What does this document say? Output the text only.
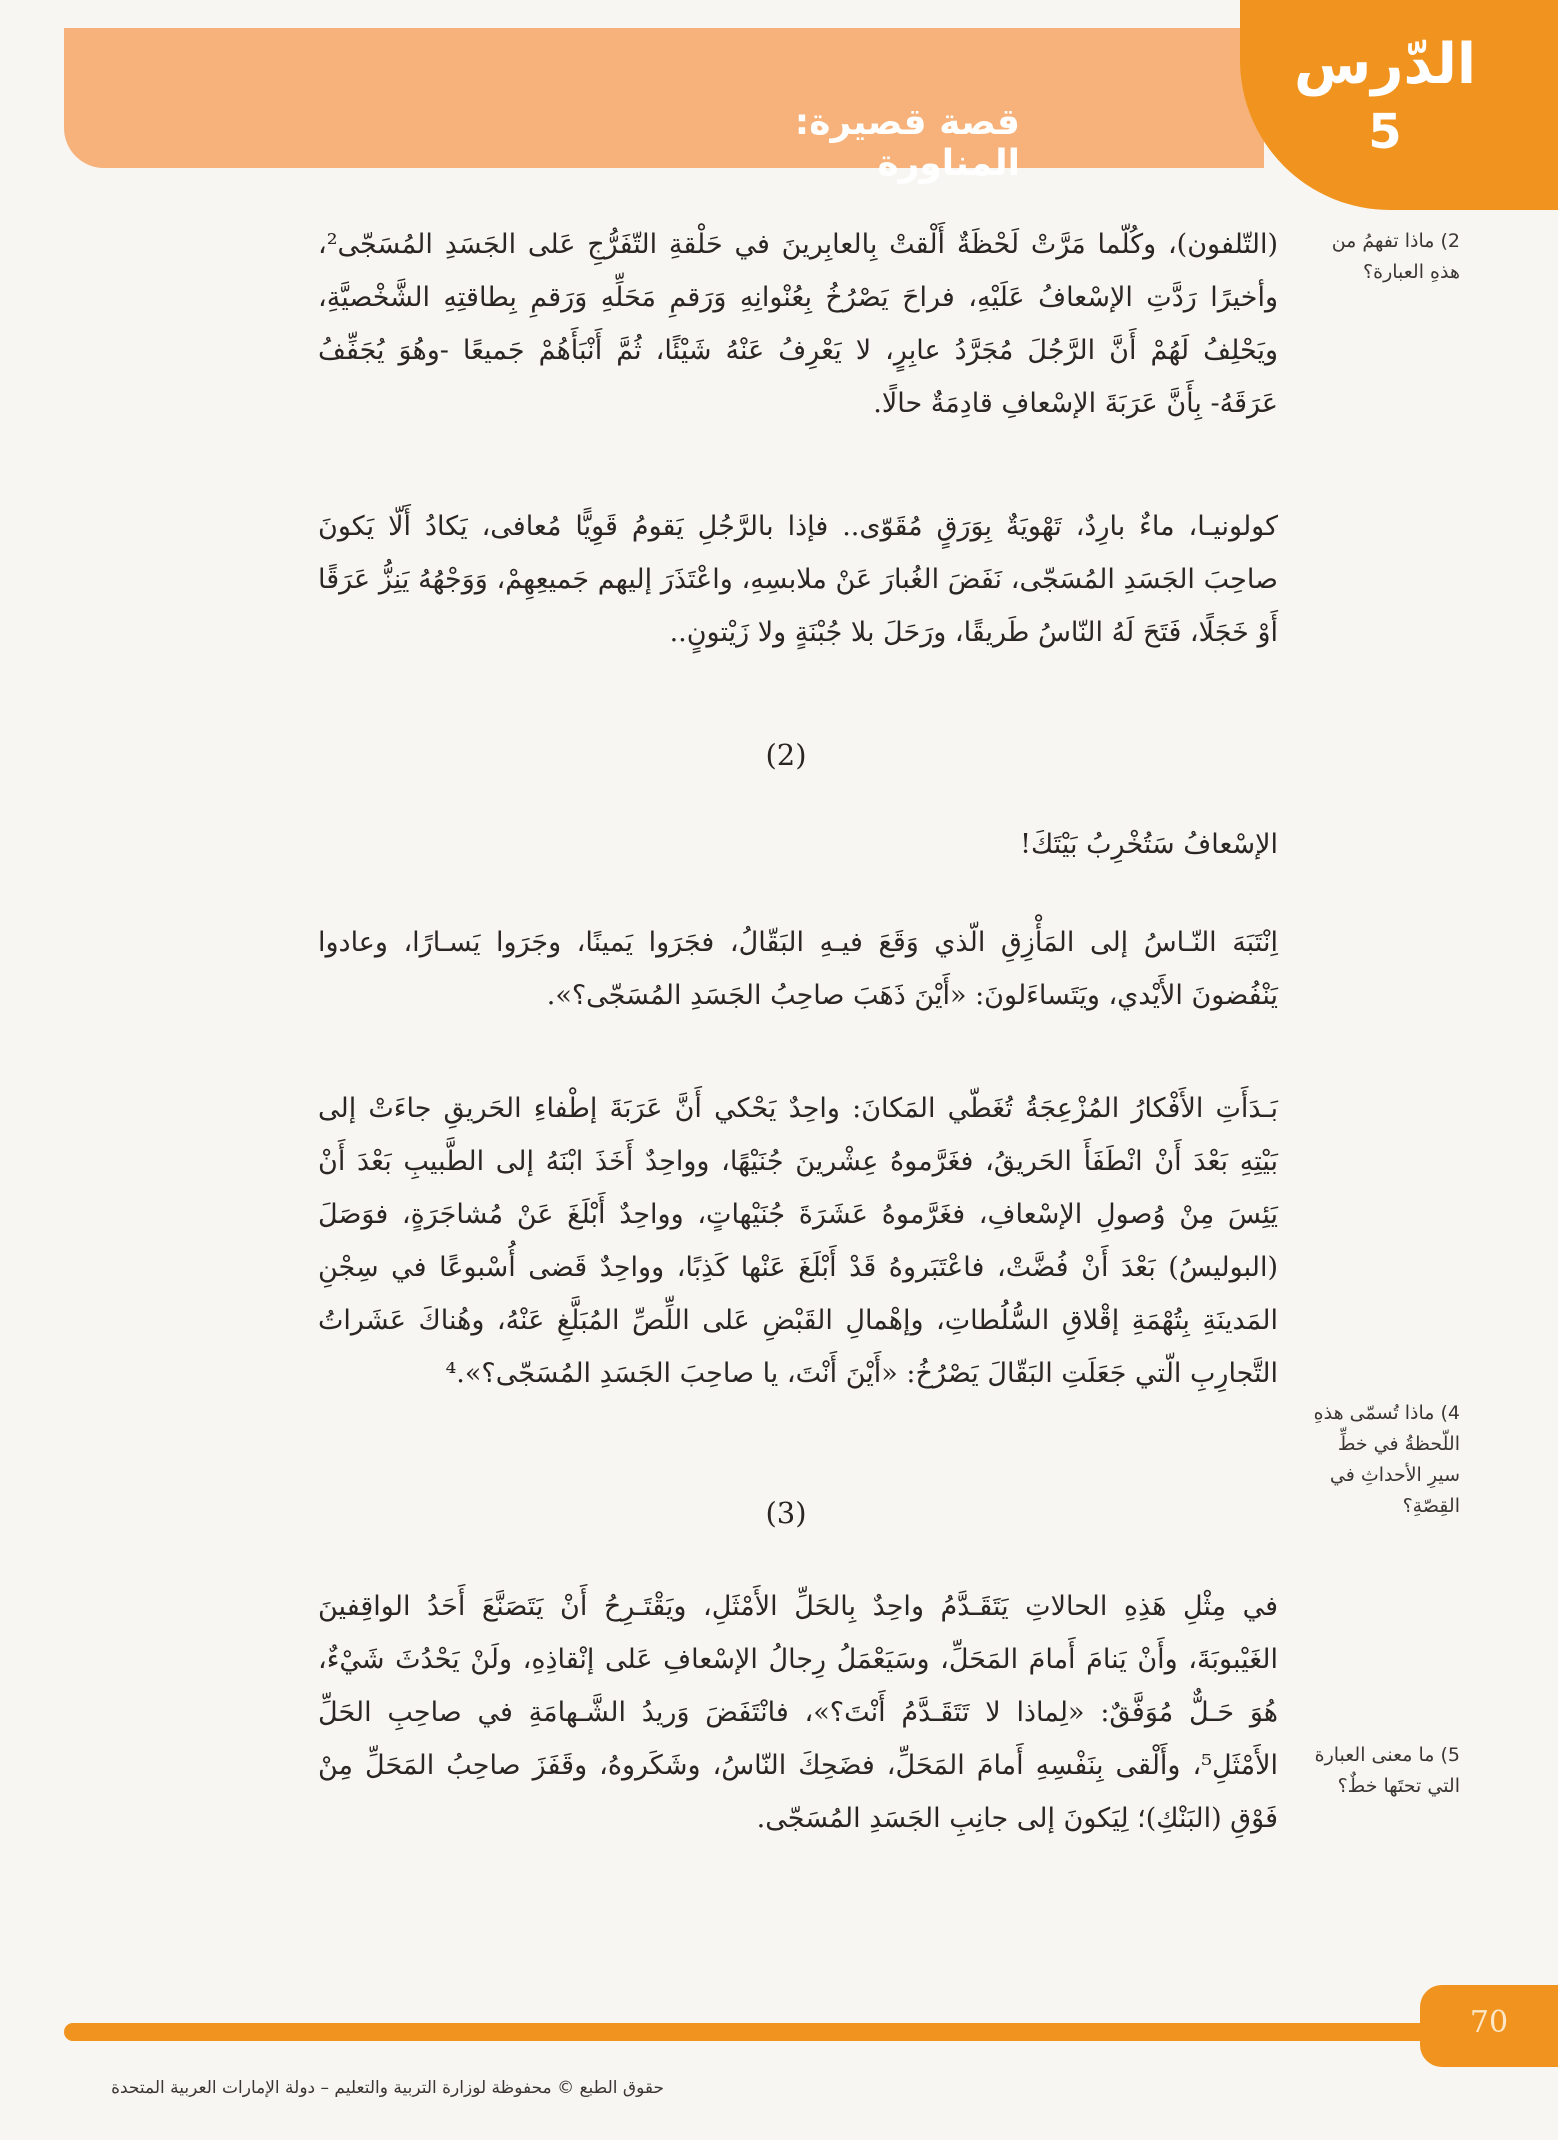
قصة قصيرة: المناورة
الدّرس
5
2) ماذا تفهمُ من هذهِ العبارة؟
4) ماذا تُسمّى هذهِ اللّحظةُ في خطِّ سيرِ الأحداثِ في القِصّةِ؟
5) ما معنى العبارة التي تحتَها خطٌ؟
(التّلفون)، وكُلّما مَرَّتْ لَحْظَةٌ أَلْقتْ بِالعابِرينَ في حَلْقةِ التّفَرُّجِ عَلى الجَسَدِ المُسَجّى²، وأخيرًا رَدَّتِ الإسْعافُ عَلَيْهِ، فراحَ يَصْرُخُ بِعُنْوانِهِ وَرَقمِ مَحَلِّهِ وَرَقمِ بِطاقتِهِ الشَّخْصيَّةِ، ويَحْلِفُ لَهُمْ أَنَّ الرَّجُلَ مُجَرَّدُ عابِرٍ، لا يَعْرِفُ عَنْهُ شَيْئًا، ثُمَّ أَنْبَأَهُمْ جَميعًا -وهُوَ يُجَفِّفُ عَرَقَهُ- بِأَنَّ عَرَبَةَ الإسْعافِ قادِمَةٌ حالًا.
كولونيـا، ماءٌ بارِدٌ، تَهْويَةٌ بِوَرَقٍ مُقَوّى.. فإذا بالرَّجُلِ يَقومُ قَوِيًّا مُعافى، يَكادُ أَلّا يَكونَ صاحِبَ الجَسَدِ المُسَجّى، نَفَضَ الغُبارَ عَنْ ملابسِهِ، واعْتَذَرَ إليهم جَميعِهِمْ، وَوَجْهُهُ يَنِزُّ عَرَقًا أَوْ خَجَلًا، فَتَحَ لَهُ النّاسُ طَريقًا، ورَحَلَ بلا جُبْنَةٍ ولا زَيْتونٍ..
(2)
الإسْعافُ سَتُخْرِبُ بَيْتَكَ!
اِنْتَبَهَ النّـاسُ إلى المَأْزِقِ الّذي وَقَعَ فيـهِ البَقّالُ، فجَرَوا يَمينًا، وجَرَوا يَسـارًا، وعادوا يَنْفُضونَ الأَيْدي، ويَتَساءَلونَ: «أَيْنَ ذَهَبَ صاحِبُ الجَسَدِ المُسَجّى؟».
بَـدَأَتِ الأَفْكارُ المُزْعِجَةُ تُغَطّي المَكانَ: واحِدٌ يَحْكي أَنَّ عَرَبَةَ إطْفاءِ الحَريقِ جاءَتْ إلى بَيْتِهِ بَعْدَ أَنْ انْطَفَأَ الحَريقُ، فغَرَّموهُ عِشْرينَ جُنَيْهًا، وواحِدٌ أَخَذَ ابْنَهُ إلى الطَّبيبِ بَعْدَ أَنْ يَئِسَ مِنْ وُصولِ الإسْعافِ، فغَرَّموهُ عَشَرَةَ جُنَيْهاتٍ، وواحِدٌ أَبْلَغَ عَنْ مُشاجَرَةٍ، فوَصَلَ (البوليسُ) بَعْدَ أَنْ فُضَّتْ، فاعْتَبَروهُ قَدْ أَبْلَغَ عَنْها كَذِبًا، وواحِدٌ قَضى أُسْبوعًا في سِجْنِ المَدينَةِ بِتُهْمَةِ إقْلاقِ السُّلُطاتِ، وإهْمالِ القَبْضِ عَلى اللِّصِّ المُبَلَّغِ عَنْهُ، وهُناكَ عَشَراتُ التَّجارِبِ الّتي جَعَلَتِ البَقّالَ يَصْرُخُ: «أَيْنَ أَنْتَ، يا صاحِبَ الجَسَدِ المُسَجّى؟».⁴
(3)
في مِثْلِ هَذِهِ الحالاتِ يَتَقَـدَّمُ واحِدٌ بِالحَلِّ الأَمْثَلِ، ويَقْتَـرِحُ أَنْ يَتَصَنَّعَ أَحَدُ الواقِفينَ الغَيْبوبَةَ، وأَنْ يَنامَ أَمامَ المَحَلِّ، وسَيَعْمَلُ رِجالُ الإسْعافِ عَلى إنْقاذِهِ، ولَنْ يَحْدُثَ شَيْءٌ، هُوَ حَـلٌّ مُوَفَّقٌ: «لِماذا لا تَتَقَـدَّمُ أَنْتَ؟»، فانْتَفَضَ وَريدُ الشَّـهامَةِ في صاحِبِ الحَلِّ الأَمْثَلِ⁵، وأَلْقى بِنَفْسِهِ أَمامَ المَحَلِّ، فضَحِكَ النّاسُ، وشَكَروهُ، وقَفَزَ صاحِبُ المَحَلِّ مِنْ فَوْقِ (البَنْكِ)؛ لِيَكونَ إلى جانِبِ الجَسَدِ المُسَجّى.
70
حقوق الطبع © محفوظة لوزارة التربية والتعليم – دولة الإمارات العربية المتحدة
